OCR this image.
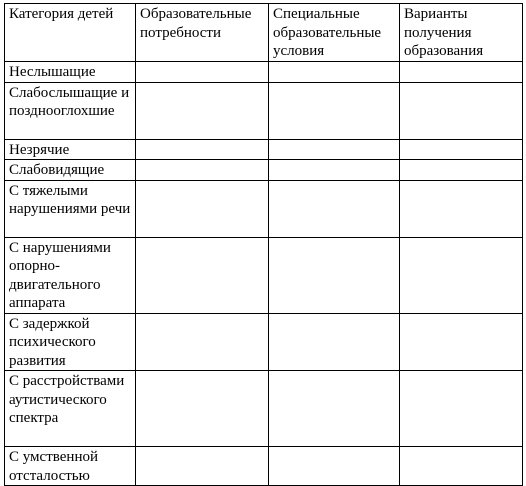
Категория детей	Образовательные потребности	Специальные образовательные условия	Варианты получения образования
Неслышащие			
Слабослышащие и позднооглохшие			
Незрячие			
Слабовидящие			
С тяжелыми нарушениями речи			
С нарушениями опорно-двигательного аппарата			
С задержкой психического развития			
С расстройствами аутистического спектра			
С умственной отсталостью			
